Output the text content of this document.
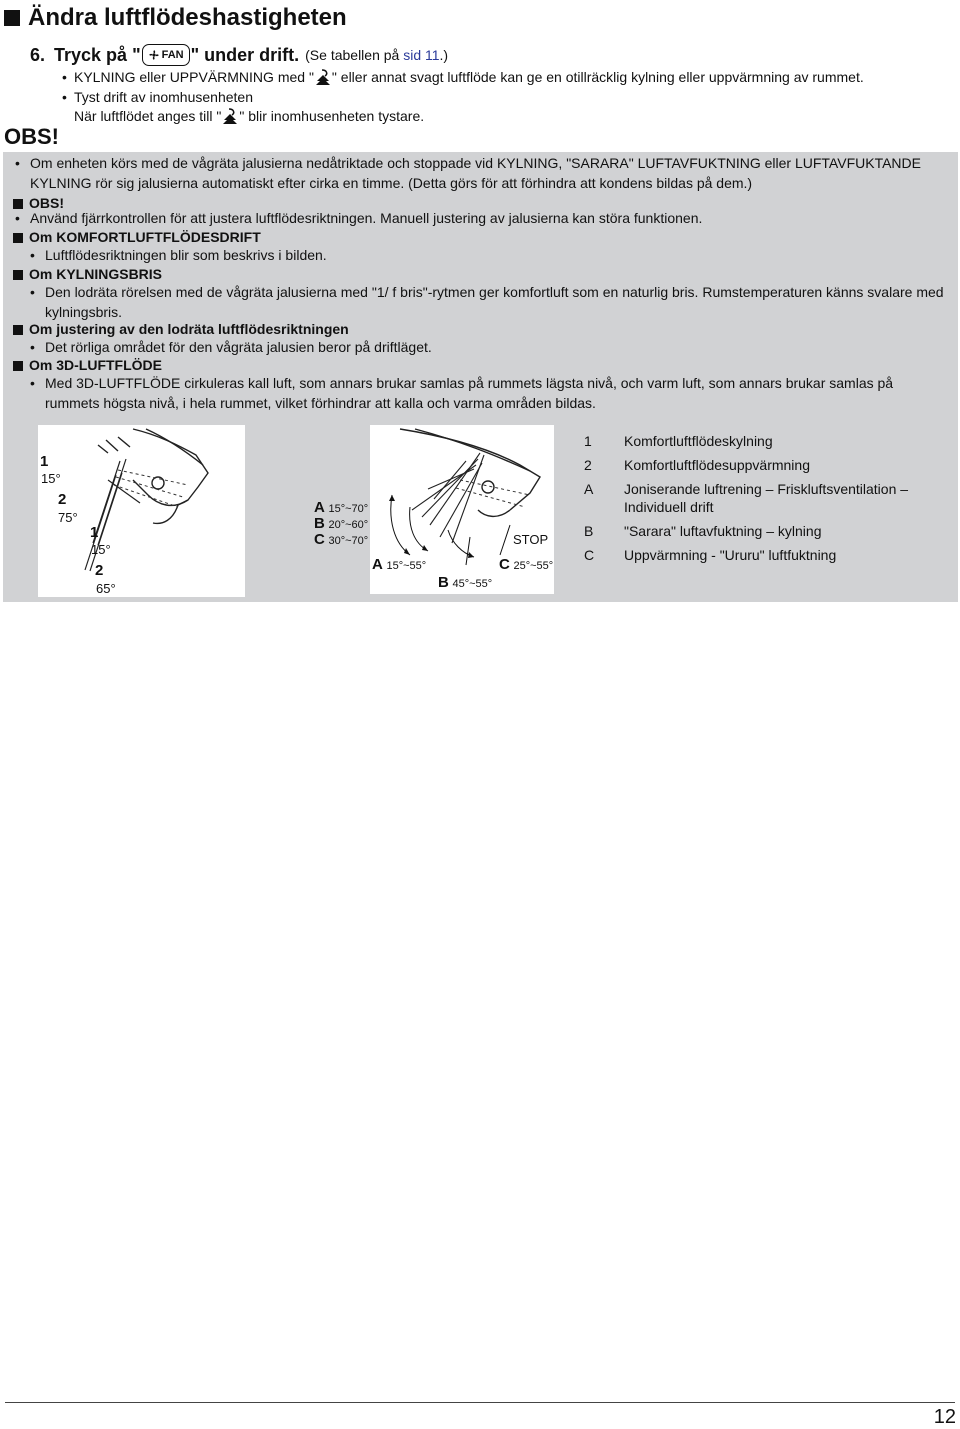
Ändra luftflödeshastigheten
6. Tryck på " FAN " under drift. (Se tabellen på sid 11.)
• KYLNING eller UPPVÄRMNING med " " eller annat svagt luftflöde kan ge en otillräcklig kylning eller uppvärmning av rummet.
• Tyst drift av inomhusenheten
När luftflödet anges till " " blir inomhusenheten tystare.
OBS!
• Om enheten körs med de vågräta jalusierna nedåtriktade och stoppade vid KYLNING, "SARARA" LUFTAVFUKTNING eller LUFTAVFUKTANDE KYLNING rör sig jalusierna automatiskt efter cirka en timme. (Detta görs för att förhindra att kondens bildas på dem.)
OBS!
• Använd fjärrkontrollen för att justera luftflödesriktningen. Manuell justering av jalusierna kan störa funktionen.
Om KOMFORTLUFTFLÖDESDRIFT
• Luftflödesriktningen blir som beskrivs i bilden.
Om KYLNINGSBRIS
• Den lodräta rörelsen med de vågräta jalusierna med "1/ f bris"-rytmen ger komfortluft som en naturlig bris. Rumstemperaturen känns svalare med kylningsbris.
Om justering av den lodräta luftflödesriktningen
• Det rörliga området för den vågräta jalusien beror på driftläget.
Om 3D-LUFTFLÖDE
• Med 3D-LUFTFLÖDE cirkuleras kall luft, som annars brukar samlas på rummets lägsta nivå, och varm luft, som annars brukar samlas på rummets högsta nivå, i hela rummet, vilket förhindrar att kalla och varma områden bildas.
1
15°
2
75°
1
15°
2
65°
A 15°~70°
B 20°~60°
C 30°~70°	STOP
A 15°~55°
B 45°~55°
C 25°~55°
1	Komfortluftflödeskylning
2	Komfortluftflödesuppvärmning
A	Joniserande luftrening – Friskluftsventilation – Individuell drift
B	"Sarara" luftavfuktning – kylning
C	Uppvärmning - "Ururu" luftfuktning
12
